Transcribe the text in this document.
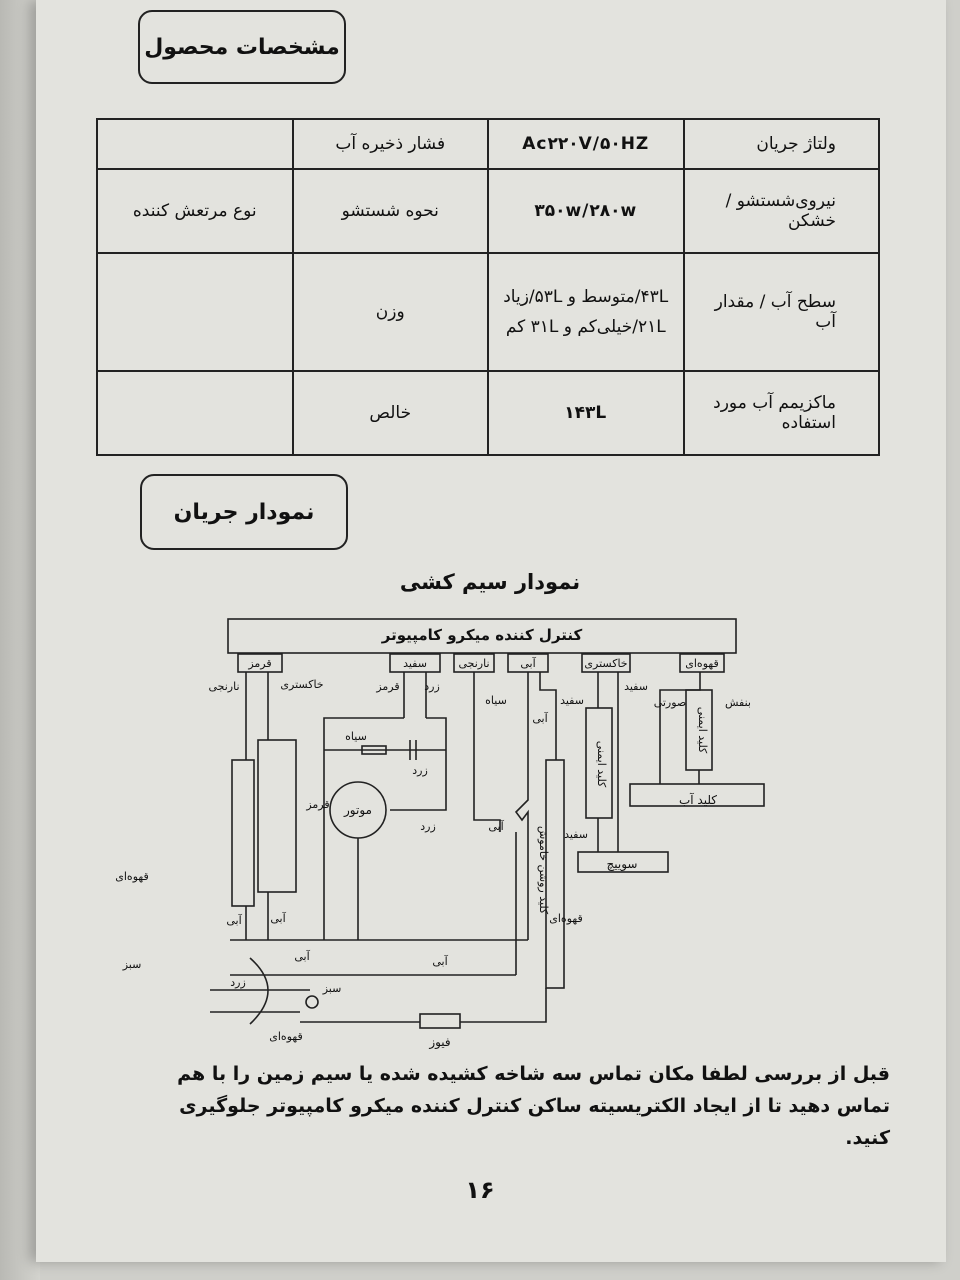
مشخصات محصول
ولتاژ جریان	Ac۲۲۰V/۵۰HZ	فشار ذخیره آب	
نیروی‌شستشو / خشکن	۳۵۰w/۲۸۰w	نحوه شستشو	نوع مرتعش کننده
سطح آب / مقدار آب	۴۳L/متوسط و ۵۳L/زیاد ۲۱L/خیلی‌کم و ۳۱L کم	وزن	
ماکزیمم آب مورد استفاده	۱۴۳L	خالص	
نمودار جریان
نمودار سیم کشی
کنترل کننده میکرو کامپیوتر
قرمز	سفید	نارنجی	آبی	خاکستری	قهوه‌ای
نارنجی	خاکستری	قرمز زرد
سیاه
زرد
قرمز
زرد
سیاه
آبی
سفید
سفید
صورتی	بنفش
آبی
سفید
قهوه‌ای
آبی	آبی
آبی	آبی
زرد	سبز
قهوه‌ای
موتور
کلید آب
سوییچ
فیوز
کلید ایمنی
کلید ایمنی
کلید روشن خاموش
قهوه‌ای
سبز
قبل از بررسی لطفا مکان تماس سه شاخه کشیده شده یا سیم زمین را با هم تماس دهید تا از ایجاد الکتریسیته ساکن کنترل کننده میکرو کامپیوتر جلوگیری کنید.
۱۶
